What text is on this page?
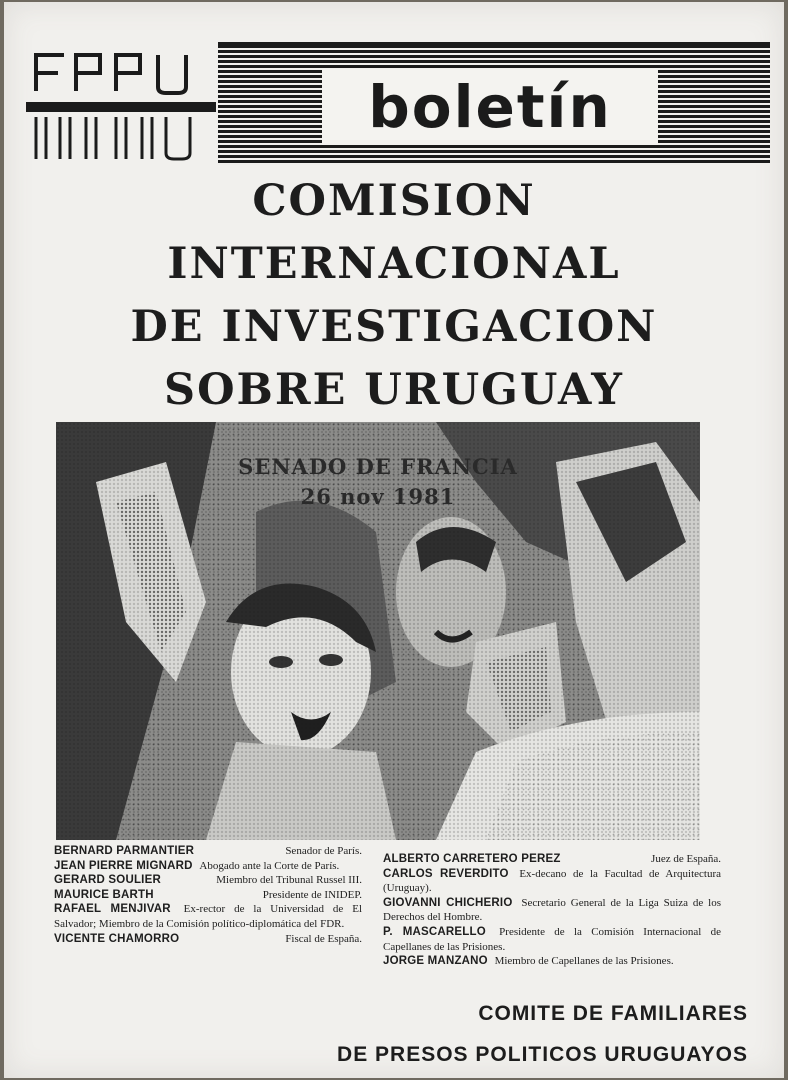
boletín
COMISION
INTERNACIONAL
DE INVESTIGACION
SOBRE URUGUAY
SENADO DE FRANCIA
26 nov 1981
BERNARD PARMANTIER	Senador de París.
JEAN PIERRE MIGNARD Abogado ante la Corte de París.
GERARD SOULIER	Miembro del Tribunal Russel III.
MAURICE BARTH	Presidente de INIDEP.
RAFAEL MENJIVAR Ex-rector de la Universidad de El Salvador; Miembro de la Comisión político-diplomática del FDR.
VICENTE CHAMORRO	Fiscal de España.
ALBERTO CARRETERO PEREZ	Juez de España.
CARLOS REVERDITO Ex-decano de la Facultad de Arquitectura (Uruguay).
GIOVANNI CHICHERIO Secretario General de la Liga Suiza de los Derechos del Hombre.
P. MASCARELLO Presidente de la Comisión Internacional de Capellanes de las Prisiones.
JORGE MANZANO Miembro de Capellanes de las Prisiones.
COMITE DE FAMILIARES
DE PRESOS POLITICOS URUGUAYOS
